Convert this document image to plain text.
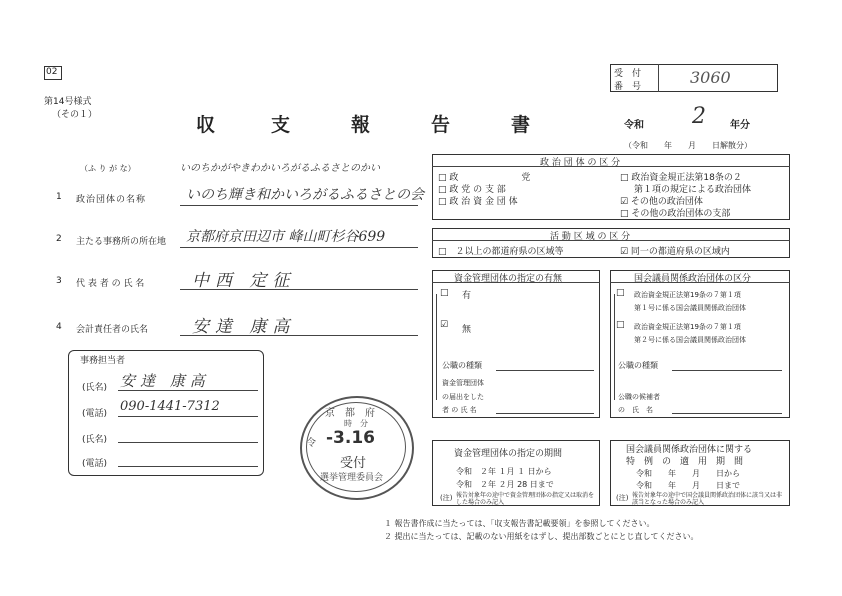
02
第14号様式
（その１）
受　付
番　号	3060
収	支	報	告	書	令和 2 年分
（令和　　年　　月　　日解散分）
（ふ り が な）	いのちかがやきわかいろがるふるさとのかい
1 政治団体の名称	いのち輝き和かいろがるふるさとの会
2 主たる事務所の所在地 京都府京田辺市 峰山町杉谷699
3 代 表 者 の 氏 名	中西 定征
4 会計責任者の氏名	安達 康高
事務担当者
(氏名) 安達 康高
(電話) 090-1441-7312
(氏名)
(電話)
政 治 団 体 の 区 分
□ 政　　　　　　　党
□ 政 党 の 支 部
□ 政 治 資 金 団 体
□ 政治資金規正法第18条の２
第１項の規定による政治団体
☑ その他の政治団体
□ その他の政治団体の支部
活 動 区 域 の 区 分
□　２以上の都道府県の区域等	☑ 同一の都道府県の区域内
資金管理団体の指定の有無
□ 有
☑ 無
公職の種類
資金管理団体
の届出をした
者 の 氏 名
国会議員関係政治団体の区分
□ 政治資金規正法第19条の７第１項
第１号に係る国会議員関係政治団体
□ 政治資金規正法第19条の７第１項
第２号に係る国会議員関係政治団体
公職の種類
公職の候補者
の　氏　名
資金管理団体の指定の期間
令和　２年 １月 １ 日から
令和　２年 ２月 28 日まで
(注) 報告対象年の途中で資金管理団体の指定又は取消をした場合のみ記入
国会議員関係政治団体に関する
特　例　の　適　用　期　間
令和　　年　　月　　日から
令和　　年　　月　　日まで
(注) 報告対象年の途中で国会議員関係政治団体に該当又は非該当となった場合のみ記入
１ 報告書作成に当たっては、「収支報告書記載要領」を参照してください。
２ 提出に当たっては、記載のない用紙をはずし、提出部数ごとにとじ直してください。
京　都　府
時　分
令 -3.16
受付
選挙管理委員会
